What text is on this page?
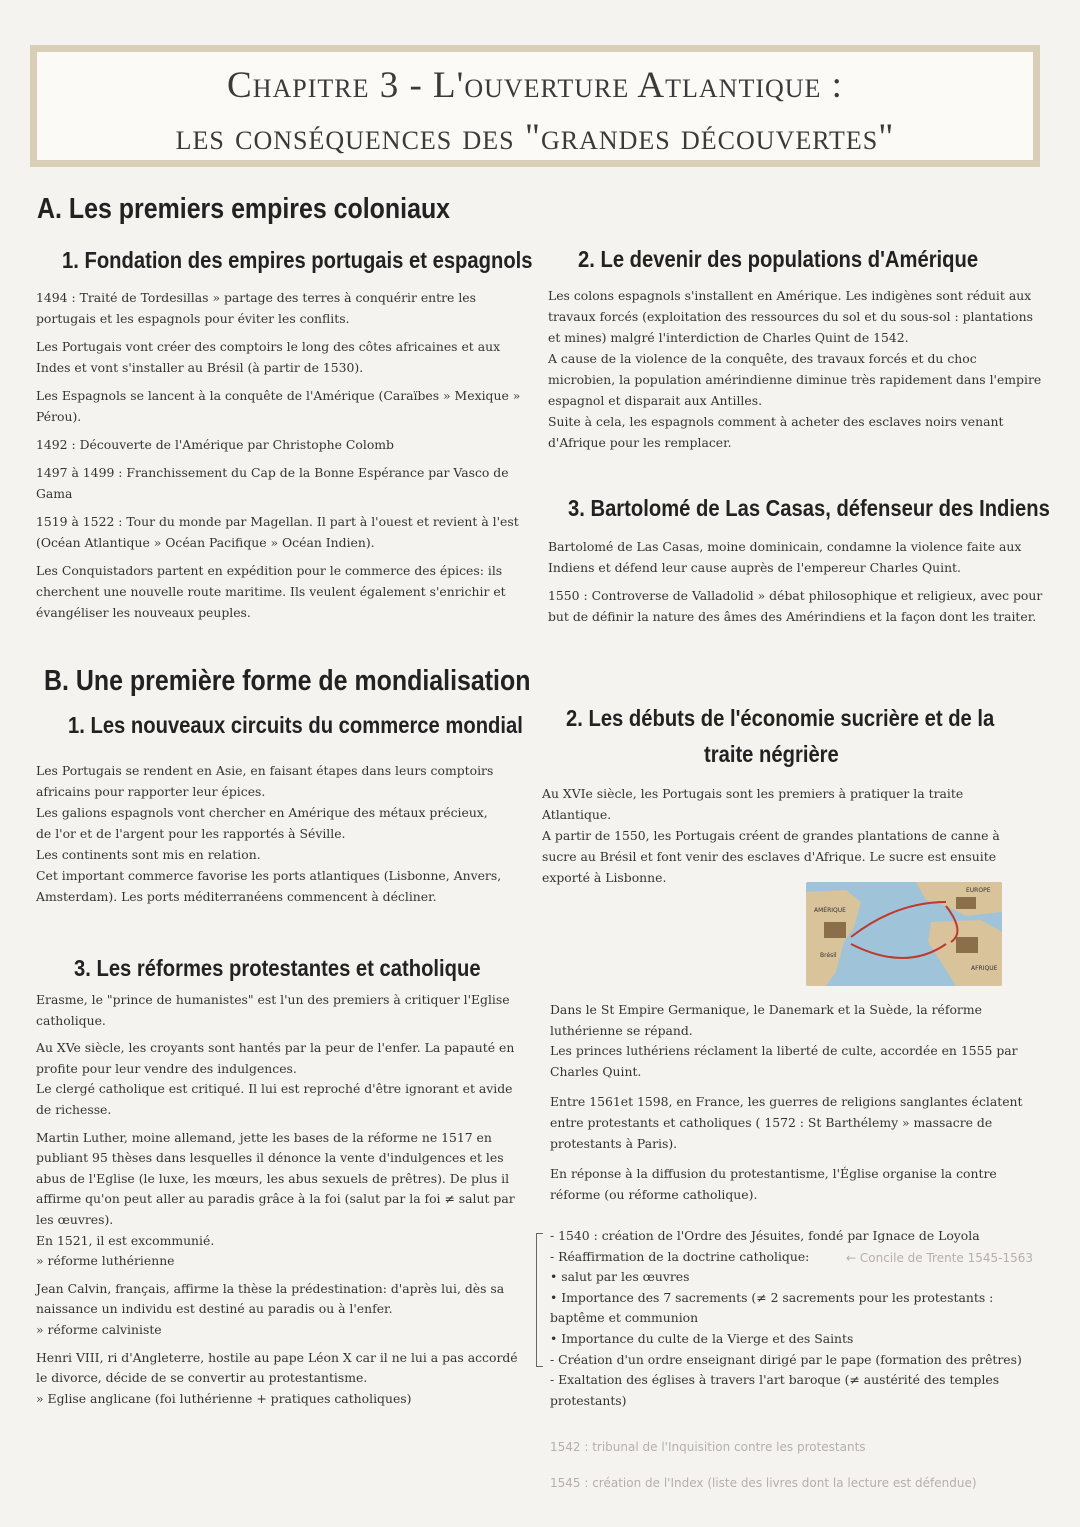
Chapitre 3 - L'ouverture Atlantique :
les conséquences des "grandes découvertes"
A. Les premiers empires coloniaux
1. Fondation des empires portugais et espagnols

1494 : Traité de Tordesillas » partage des terres à conquérir entre les portugais et les espagnols pour éviter les conflits.

Les Portugais vont créer des comptoirs le long des côtes africaines et aux Indes et vont s'installer au Brésil (à partir de 1530).

Les Espagnols se lancent à la conquête de l'Amérique (Caraïbes » Mexique » Pérou).

1492 : Découverte de l'Amérique par Christophe Colomb

1497 à 1499 : Franchissement du Cap de la Bonne Espérance par Vasco de Gama

1519 à 1522 : Tour du monde par Magellan. Il part à l'ouest et revient à l'est (Océan Atlantique » Océan Pacifique » Océan Indien).

Les Conquistadors partent en expédition pour le commerce des épices: ils cherchent une nouvelle route maritime. Ils veulent également s'enrichir et évangéliser les nouveaux peuples.

2. Le devenir des populations d'Amérique

Les colons espagnols s'installent en Amérique. Les indigènes sont réduit aux travaux forcés (exploitation des ressources du sol et du sous-sol : plantations et mines) malgré l'interdiction de Charles Quint de 1542.

A cause de la violence de la conquête, des travaux forcés et du choc microbien, la population amérindienne diminue très rapidement dans l'empire espagnol et disparait aux Antilles.

Suite à cela, les espagnols comment à acheter des esclaves noirs venant d'Afrique pour les remplacer.

3. Bartolomé de Las Casas, défenseur des Indiens

Bartolomé de Las Casas, moine dominicain, condamne la violence faite aux Indiens et défend leur cause auprès de l'empereur Charles Quint.

1550 : Controverse de Valladolid » débat philosophique et religieux, avec pour but de définir la nature des âmes des Amérindiens et la façon dont les traiter.

B. Une première forme de mondialisation
1. Les nouveaux circuits du commerce mondial

Les Portugais se rendent en Asie, en faisant étapes dans leurs comptoirs africains pour rapporter leur épices.

Les galions espagnols vont chercher en Amérique des métaux précieux, de l'or et de l'argent pour les rapportés à Séville.

Les continents sont mis en relation.

Cet important commerce favorise les ports atlantiques (Lisbonne, Anvers, Amsterdam). Les ports méditerranéens commencent à décliner.

2. Les débuts de l'économie sucrière et de la
traite négrière

Au XVIe siècle, les Portugais sont les premiers à pratiquer la traite Atlantique.

A partir de 1550, les Portugais créent de grandes plantations de canne à sucre au Brésil et font venir des esclaves d'Afrique. Le sucre est ensuite exporté à Lisbonne.

AMÉRIQUE
EUROPE
AFRIQUE
Brésil
3. Les réformes protestantes et catholique

Erasme, le "prince de humanistes" est l'un des premiers à critiquer l'Eglise catholique.

Au XVe siècle, les croyants sont hantés par la peur de l'enfer. La papauté en profite pour leur vendre des indulgences.

Le clergé catholique est critiqué. Il lui est reproché d'être ignorant et avide de richesse.

Martin Luther, moine allemand, jette les bases de la réforme ne 1517 en publiant 95 thèses dans lesquelles il dénonce la vente d'indulgences et les abus de l'Eglise (le luxe, les mœurs, les abus sexuels de prêtres). De plus il affirme qu'on peut aller au paradis grâce à la foi (salut par la foi ≠ salut par les œuvres).

En 1521, il est excommunié.

» réforme luthérienne

Jean Calvin, français, affirme la thèse la prédestination: d'après lui, dès sa naissance un individu est destiné au paradis ou à l'enfer.

» réforme calviniste

Henri VIII, ri d'Angleterre, hostile au pape Léon X car il ne lui a pas accordé le divorce, décide de se convertir au protestantisme.

» Eglise anglicane (foi luthérienne + pratiques catholiques)

Dans le St Empire Germanique, le Danemark et la Suède, la réforme luthérienne se répand.

Les princes luthériens réclament la liberté de culte, accordée en 1555 par Charles Quint.

Entre 1561et 1598, en France, les guerres de religions sanglantes éclatent entre protestants et catholiques ( 1572 : St Barthélemy » massacre de protestants à Paris).

En réponse à la diffusion du protestantisme, l'Église organise la contre réforme (ou réforme catholique).

- 1540 : création de l'Ordre des Jésuites, fondé par Ignace de Loyola
- Réaffirmation de la doctrine catholique:
• salut par les œuvres
• Importance des 7 sacrements (≠ 2 sacrements pour les protestants : baptême et communion
• Importance du culte de la Vierge et des Saints
- Création d'un ordre enseignant dirigé par le pape (formation des prêtres)
- Exaltation des églises à travers l'art baroque (≠ austérité des temples protestants)
← Concile de Trente 1545-1563
1542 : tribunal de l'Inquisition contre les protestants
1545 : création de l'Index (liste des livres dont la lecture est défendue)
